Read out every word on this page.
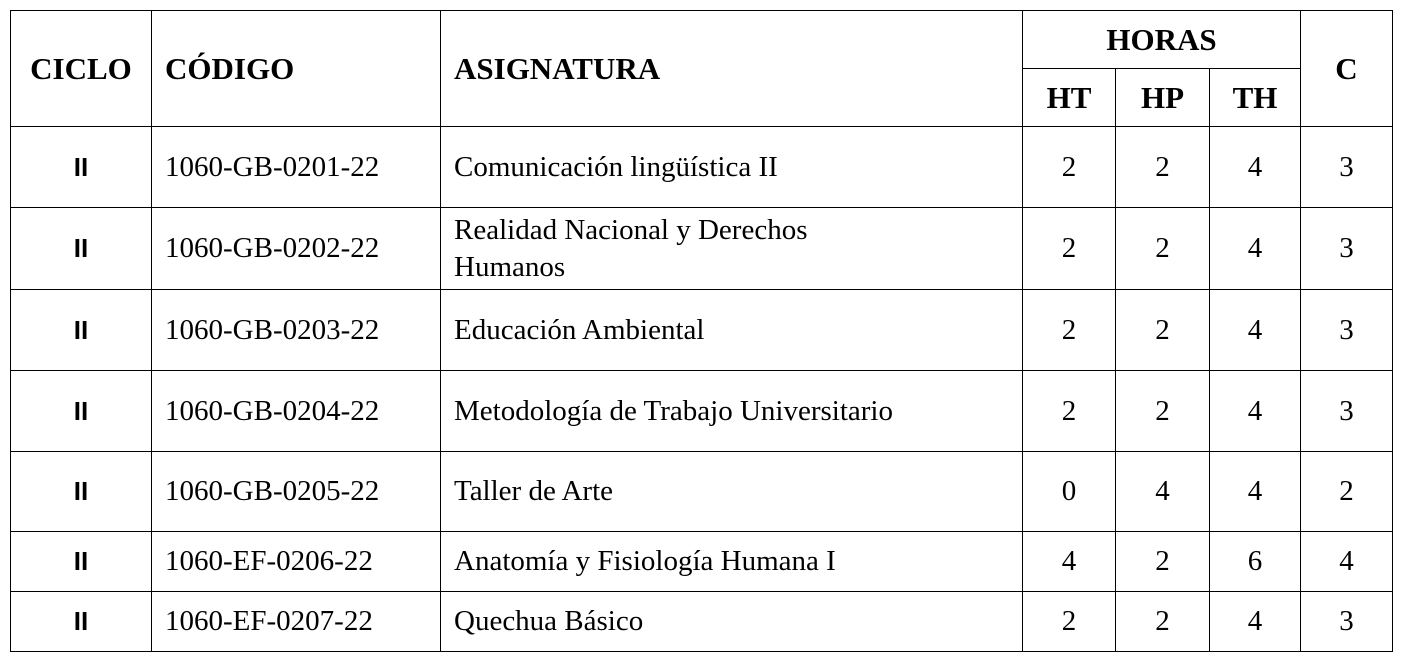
CICLO	CÓDIGO	ASIGNATURA	HORAS			C
			HT	HP	TH	
II	1060-GB-0201-22	Comunicación lingüística II	2	2	4	3
II	1060-GB-0202-22	Realidad Nacional y Derechos
Humanos	2	2	4	3
II	1060-GB-0203-22	Educación Ambiental	2	2	4	3
II	1060-GB-0204-22	Metodología de Trabajo Universitario	2	2	4	3
II	1060-GB-0205-22	Taller de Arte	0	4	4	2
II	1060-EF-0206-22	Anatomía y Fisiología Humana I	4	2	6	4
II	1060-EF-0207-22	Quechua Básico	2	2	4	3
